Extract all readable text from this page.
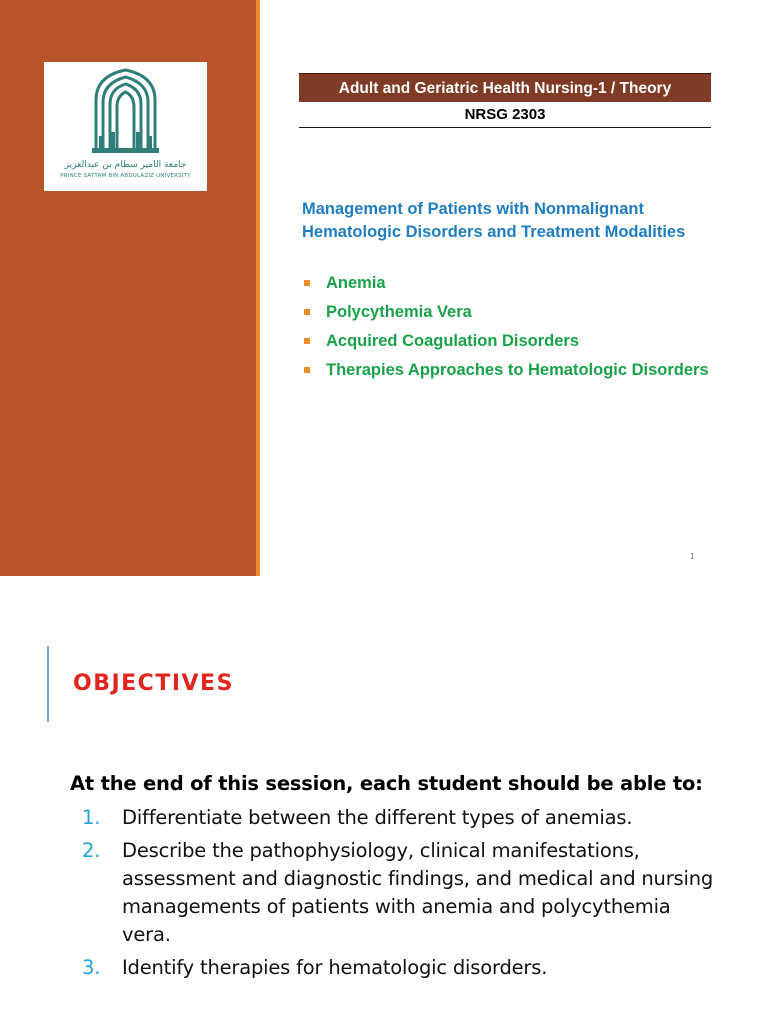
جامعة الأمير سطام بن عبدالعزيز
PRINCE SATTAM BIN ABDULAZIZ UNIVERSITY
Adult and Geriatric Health Nursing-1 / Theory
NRSG 2303
Management of Patients with Nonmalignant Hematologic Disorders and Treatment Modalities
Anemia
Polycythemia Vera
Acquired Coagulation Disorders
Therapies Approaches to Hematologic Disorders
1
OBJECTIVES
At the end of this session, each student should be able to:
1. Differentiate between the different types of anemias.
2. Describe the pathophysiology, clinical manifestations, assessment and diagnostic findings, and medical and nursing managements of patients with anemia and polycythemia vera.
3. Identify therapies for hematologic disorders.
